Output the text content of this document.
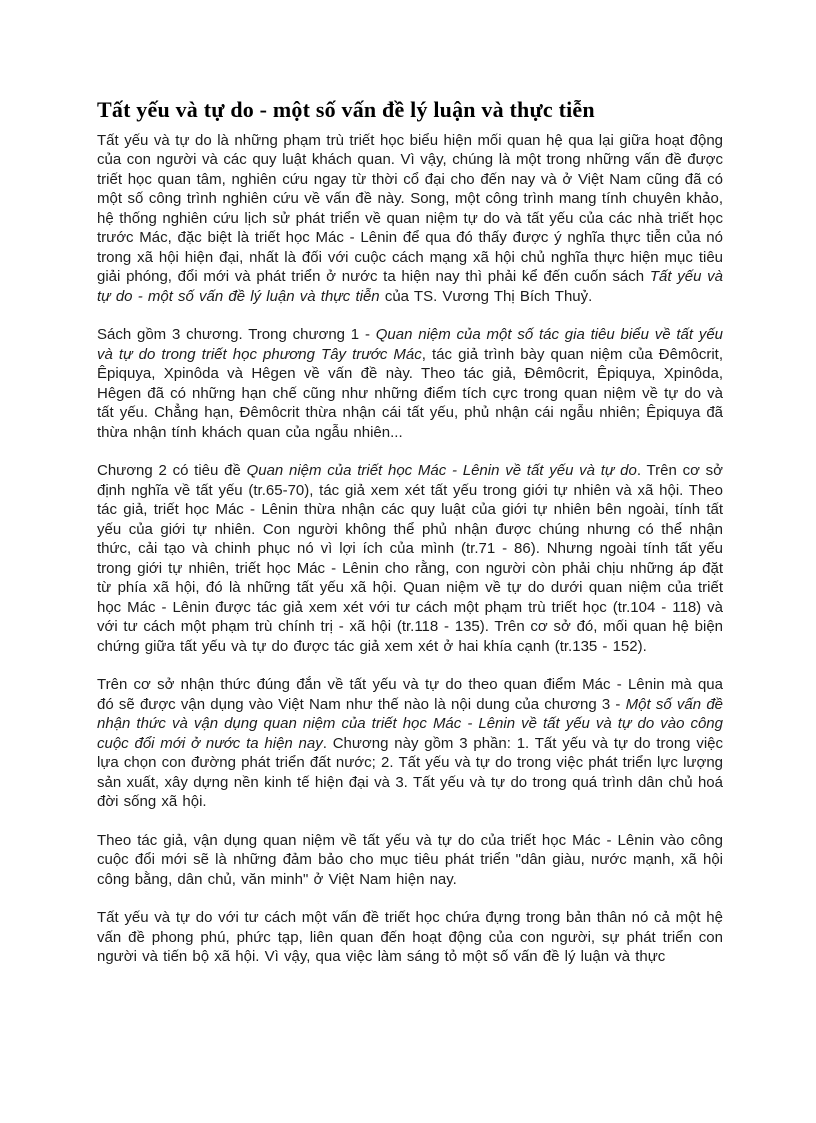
Tất yếu và tự do - một số vấn đề lý luận và thực tiễn

Tất yếu và tự do là những phạm trù triết học biểu hiện mối quan hệ qua lại giữa hoạt động của con người và các quy luật khách quan. Vì vậy, chúng là một trong những vấn đề được triết học quan tâm, nghiên cứu ngay từ thời cổ đại cho đến nay và ở Việt Nam cũng đã có một số công trình nghiên cứu về vấn đề này. Song, một công trình mang tính chuyên khảo, hệ thống nghiên cứu lịch sử phát triển về quan niệm tự do và tất yếu của các nhà triết học trước Mác, đặc biệt là triết học Mác - Lênin để qua đó thấy được ý nghĩa thực tiễn của nó trong xã hội hiện đại, nhất là đối với cuộc cách mạng xã hội chủ nghĩa thực hiện mục tiêu giải phóng, đổi mới và phát triển ở nước ta hiện nay thì phải kể đến cuốn sách Tất yếu và tự do - một số vấn đề lý luận và thực tiễn của TS. Vương Thị Bích Thuỷ.

Sách gồm 3 chương. Trong chương 1 - Quan niệm của một số tác gia tiêu biểu về tất yếu và tự do trong triết học phương Tây trước Mác, tác giả trình bày quan niệm của Đêmôcrit, Êpiquya, Xpinôda và Hêgen về vấn đề này. Theo tác giả, Đêmôcrit, Êpiquya, Xpinôda, Hêgen đã có những hạn chế cũng như những điểm tích cực trong quan niệm về tự do và tất yếu. Chẳng hạn, Đêmôcrit thừa nhận cái tất yếu, phủ nhận cái ngẫu nhiên; Êpiquya đã thừa nhận tính khách quan của ngẫu nhiên...

Chương 2 có tiêu đề Quan niệm của triết học Mác - Lênin về tất yếu và tự do. Trên cơ sở định nghĩa về tất yếu (tr.65-70), tác giả xem xét tất yếu trong giới tự nhiên và xã hội. Theo tác giả, triết học Mác - Lênin thừa nhận các quy luật của giới tự nhiên bên ngoài, tính tất yếu của giới tự nhiên. Con người không thể phủ nhận được chúng nhưng có thể nhận thức, cải tạo và chinh phục nó vì lợi ích của mình (tr.71 - 86). Nhưng ngoài tính tất yếu trong giới tự nhiên, triết học Mác - Lênin cho rằng, con người còn phải chịu những áp đặt từ phía xã hội, đó là những tất yếu xã hội. Quan niệm về tự do dưới quan niệm của triết học Mác - Lênin được tác giả xem xét với tư cách một phạm trù triết học (tr.104 - 118) và với tư cách một phạm trù chính trị - xã hội (tr.118 - 135). Trên cơ sở đó, mối quan hệ biện chứng giữa tất yếu và tự do được tác giả xem xét ở hai khía cạnh (tr.135 - 152).

Trên cơ sở nhận thức đúng đắn về tất yếu và tự do theo quan điểm Mác - Lênin mà qua đó sẽ được vận dụng vào Việt Nam như thế nào là nội dung của chương 3 - Một số vấn đề nhận thức và vận dụng quan niệm của triết học Mác - Lênin về tất yếu và tự do vào công cuộc đổi mới ở nước ta hiện nay. Chương này gồm 3 phần: 1. Tất yếu và tự do trong việc lựa chọn con đường phát triển đất nước; 2. Tất yếu và tự do trong việc phát triển lực lượng sản xuất, xây dựng nền kinh tế hiện đại và 3. Tất yếu và tự do trong quá trình dân chủ hoá đời sống xã hội.

Theo tác giả, vận dụng quan niệm về tất yếu và tự do của triết học Mác - Lênin vào công cuộc đổi mới sẽ là những đảm bảo cho mục tiêu phát triển "dân giàu, nước mạnh, xã hội công bằng, dân chủ, văn minh" ở Việt Nam hiện nay.

Tất yếu và tự do với tư cách một vấn đề triết học chứa đựng trong bản thân nó cả một hệ vấn đề phong phú, phức tạp, liên quan đến hoạt động của con người, sự phát triển con người và tiến bộ xã hội. Vì vậy, qua việc làm sáng tỏ một số vấn đề lý luận và thực
